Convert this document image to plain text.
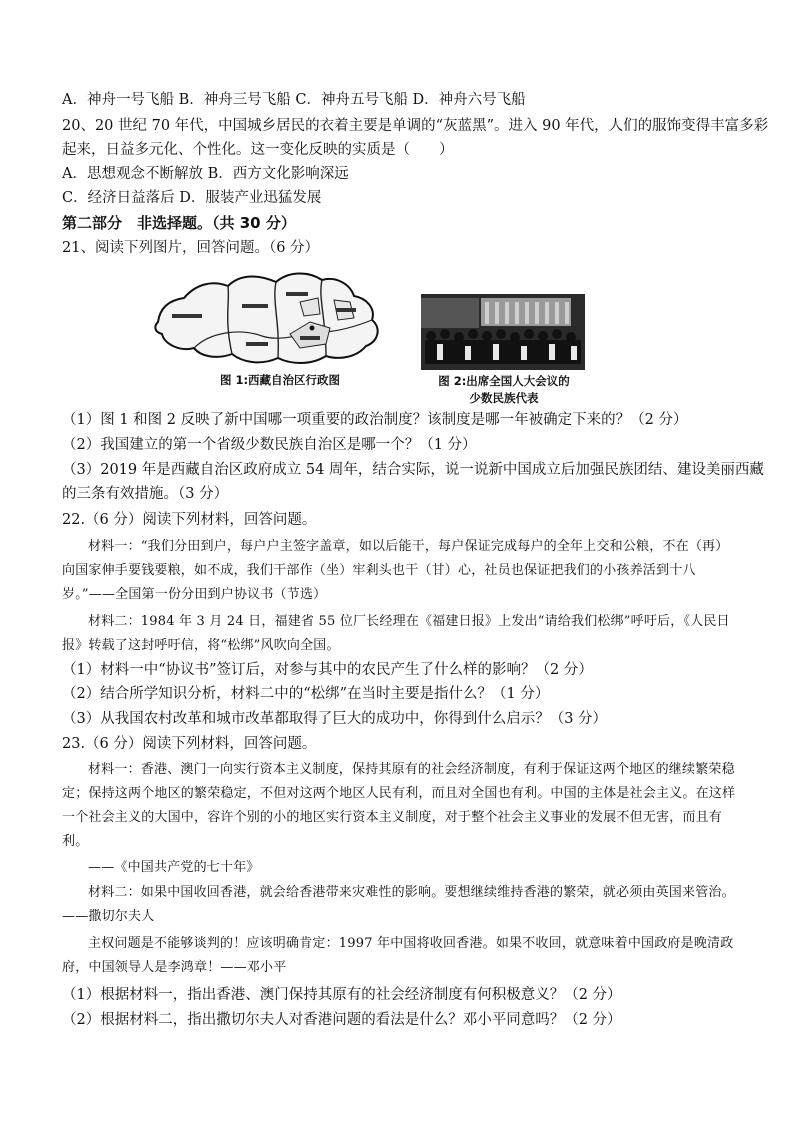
A．神舟一号飞船 B．神舟三号飞船 C．神舟五号飞船 D．神舟六号飞船
20、20 世纪 70 年代，中国城乡居民的衣着主要是单调的“灰蓝黑”。进入 90 年代，人们的服饰变得丰富多彩
起来，日益多元化、个性化。这一变化反映的实质是（　　）
A．思想观念不断解放 B．西方文化影响深远
C．经济日益落后 D．服装产业迅猛发展
第二部分　非选择题。（共 30 分）
21、阅读下列图片，回答问题。（6 分）
图 1:西藏自治区行政图	图 2:出席全国人大会议的
少数民族代表
（1）图 1 和图 2 反映了新中国哪一项重要的政治制度？该制度是哪一年被确定下来的？（2 分）
（2）我国建立的第一个省级少数民族自治区是哪一个？（1 分）
（3）2019 年是西藏自治区政府成立 54 周年，结合实际，说一说新中国成立后加强民族团结、建设美丽西藏
的三条有效措施。（3 分）
22.（6 分）阅读下列材料，回答问题。
材料一：“我们分田到户，每户户主签字盖章，如以后能干，每户保证完成每户的全年上交和公粮，不在（再）向国家伸手要钱要粮，如不成，我们干部作（坐）牢剎头也干（甘）心，社员也保证把我们的小孩养活到十八岁。”——全国第一份分田到户协议书（节选）
材料二：1984 年 3 月 24 日，福建省 55 位厂长经理在《福建日报》上发出“请给我们松绑”呼吁后，《人民日报》转载了这封呼吁信，将“松绑”风吹向全国。
（1）材料一中“协议书”签订后，对参与其中的农民产生了什么样的影响？（2 分）
（2）结合所学知识分析，材料二中的“松绑”在当时主要是指什么？（1 分）
（3）从我国农村改革和城市改革都取得了巨大的成功中，你得到什么启示？（3 分）
23.（6 分）阅读下列材料，回答问题。
材料一：香港、澳门一向实行资本主义制度，保持其原有的社会经济制度，有利于保证这两个地区的继续繁荣稳定；保持这两个地区的繁荣稳定，不但对这两个地区人民有利，而且对全国也有利。中国的主体是社会主义。在这样一个社会主义的大国中，容许个别的小的地区实行资本主义制度，对于整个社会主义事业的发展不但无害，而且有利。
——《中国共产党的七十年》
材料二：如果中国收回香港，就会给香港带来灾难性的影响。要想继续维持香港的繁荣，就必须由英国来管治。——撒切尔夫人
主权问题是不能够谈判的！应该明确肯定：1997 年中国将收回香港。如果不收回，就意味着中国政府是晚清政府，中国领导人是李鸿章！——邓小平
（1）根据材料一，指出香港、澳门保持其原有的社会经济制度有何积极意义？（2 分）
（2）根据材料二，指出撒切尔夫人对香港问题的看法是什么？邓小平同意吗？（2 分）
